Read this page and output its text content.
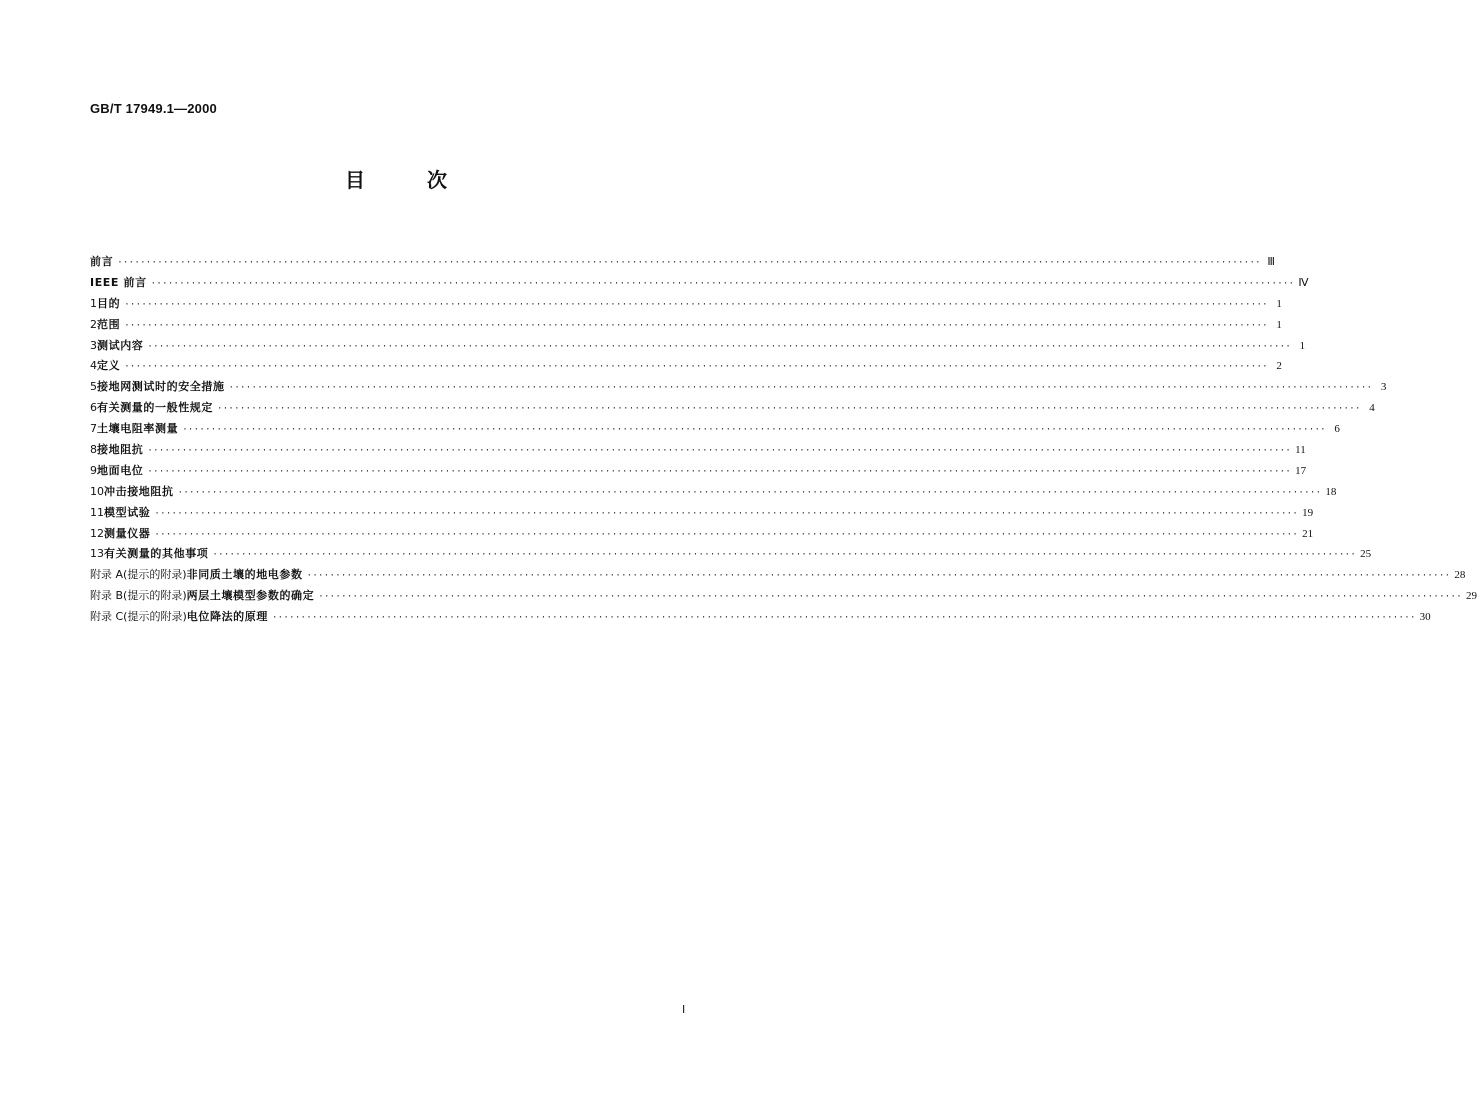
GB/T 17949.1—2000
目次
前言 ········································································································································································································ Ⅲ
IEEE 前言 ········································································································································································································ Ⅳ
1 目的 ········································································································································································································ 1
2 范围 ········································································································································································································ 1
3 测试内容 ········································································································································································································ 1
4 定义 ········································································································································································································ 2
5 接地网测试时的安全措施 ········································································································································································································ 3
6 有关测量的一般性规定 ········································································································································································································ 4
7 土壤电阻率测量 ········································································································································································································ 6
8 接地阻抗 ········································································································································································································ 11
9 地面电位 ········································································································································································································ 17
10 冲击接地阻抗 ········································································································································································································ 18
11 模型试验 ········································································································································································································ 19
12 测量仪器 ········································································································································································································ 21
13 有关测量的其他事项 ········································································································································································································ 25
附录 A(提示的附录) 非同质土壤的地电参数 ········································································································································································································ 28
附录 B(提示的附录) 两层土壤模型参数的确定 ········································································································································································································ 29
附录 C(提示的附录) 电位降法的原理 ········································································································································································································ 30
Ⅰ
